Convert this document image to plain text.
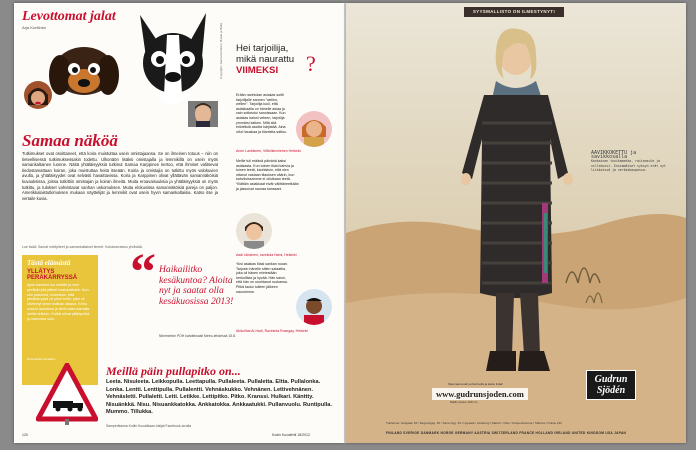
Levottomat jalat
Arja Kurttinen	Copyright: Jaana Kurttinen, Bowie ja Bella
Samaa näköä
Tutkimukset ovat osoittaneet, että koira muistuttaa usein omistajaansa. Se on ilmeinen totuus – niin on tieteellisessä tutkimuksessakin todettu. Ulkonäön lisäksi omistajalla ja lemmikillä on usein myös samankaltainen luonne. Näitä yhtäläisyyksiä tutkinut Samaa Karppinen kertoo, että ihmiset valitsevat tiedostamattaan koiran, joka muistuttaa heitä itseään. Koiria ja omistajia on tutkittu myös valokuvien avulla, ja yhtäläisyydet ovat selvästi havaittavissa. Koira ja Karppinen olivat yllättävän samannäköisiä kuvauksissa, joissa tutkittiin omistajan ja koiran ilmeitä. Muita eroavaisuuksia ja yhtäläisyyksiä on myös tutkittu, ja tulokset vahvistavat vanhan uskomuksen. Muita elokuvissa samannäköisiä pareja on paljon. Amerikkalaistutkimuksen mukaan näyttelijät ja lemmikit ovat usein hyvin samankaltaisia. Katso itse ja vertaile kuvia.
Lue lisää: Samat mielipiteet ja samankaltaiset ilmeet. Koiraharrastus yhdistää.
Tästä elämästä
YLLÄTYS PERÄKÄRRYSSÄ
Ajoin kaverini luo mökille ja vein peräkärryllä jätteet kaatopaikalle. Kun olin palannut, huomasin, että peräkärryssä oli pieni kettu, joka oli kiivennyt sinne matkan aikana. Kettu nukkui rauhassa ja lähti vasta aamulla omille teilleen. Kaikki olivat yllättyneitä ja naurussa suin.
Nimimerkki Peräkärry
“ Haikailitko kesäkuntoa? Aloita nyt ja saatat olla kesäkuosissa 2013!
Nimimerkin POH kahdeksasti Metro-lehdessä 15.8.
Meillä päin pullapitko on...
Leeta. Nisuleeta. Leikkopulla. Leettapulla. Pullaleeta. Pullaletta. Eltta. Pullalonka. Lonka. Lentti. Lenttipulla. Pullalentti. Vehnäskukko. Vehnänen. Lettivehnänen. Vehnäsletti. Pullaletti. Letti. Letikke. Lettipitko. Pitko. Kranssi. Hulkari. Känttty. Nisuänkkä. Nisu. Nisuankkatokka. Ankkatokka. Ankkaatukki. Pullanvuolu. Runtipulla. Mummo. Tillukka.
Samperikansa Kotiin Kuuaikiaan-lukijat Facebook-sivulla
120	Kodin Kuvalehti 18/2012
Hei tarjoilija,
mikä naurattu
VIIMEKSI ?
Erään ravintolan asiakas soitti tarjoilijalle sanoen "wellen, wellen". Tarjoilija luuli, että asiakkaalla on hänelle asiaa ja vain sotkeutui sanoissaan. Kun asiakas halusi veteen, tarjoilija ymmärsi kaiken. Mitä sitä erikielisiä asioita kärjistää. Aina ollut hauskaa ja tilanteita sattuu.
Anne Lankkinen, Villiviikinmiehen Helsinki
Meille tuli eräänä päivänä kaksi asiakasta. Kun toinen tilasi kahvia ja toinen teetä, kauhistuin, että olen ottanut vastaan tilauksen väärin, kun kahviloissamme ei ollutkaan teetä. Yllättäin asiakkaat eivät välittäneetkään ja jaksoivat nauraa kanssani.
Aadi Ukrainen, ravintola Hami, Helsinki
Yksi asiakas tilasi sankan ruoan. Tarjosin hänelle sitten salaattia, joka oli hänen mielestään herkullista ja hyvää. Hän sanoi, että hän on unohtanut ruokansa. Pitkä tauko tulleen jälkeen nauroimme.
Abdullhai Al-Hadi, Ravintola Rosegay, Helsinki
SYYSMALLISTO ON ILMESTYNYT!
AAVIKKOKETTU ja savikkosalla
Kankainen tunikamekko, raitaneule ja villahuivi. Ensimmäiset syksyn erät nyt liikkeissä ja verkkokaupassa.
Skannaa koodi puhelimella ja katso lisää!
www.gudrunsjoden.com
Mallin pituus 169 cm
Gudrun
Sjödén
Tukholma: Götgatan 66 / Regeringsg. 30 / Stora Nyg. 33 / Uppsala / Göteborg / Malmö / Oslo / Kööpenhamina / Tallinna / Online 24h
FINLAND SVERIGE DANMARK NORGE GERMANY AUSTRIA SWITZERLAND FRANCE HOLLAND IRELAND UNITED KINGDOM USA JAPAN
